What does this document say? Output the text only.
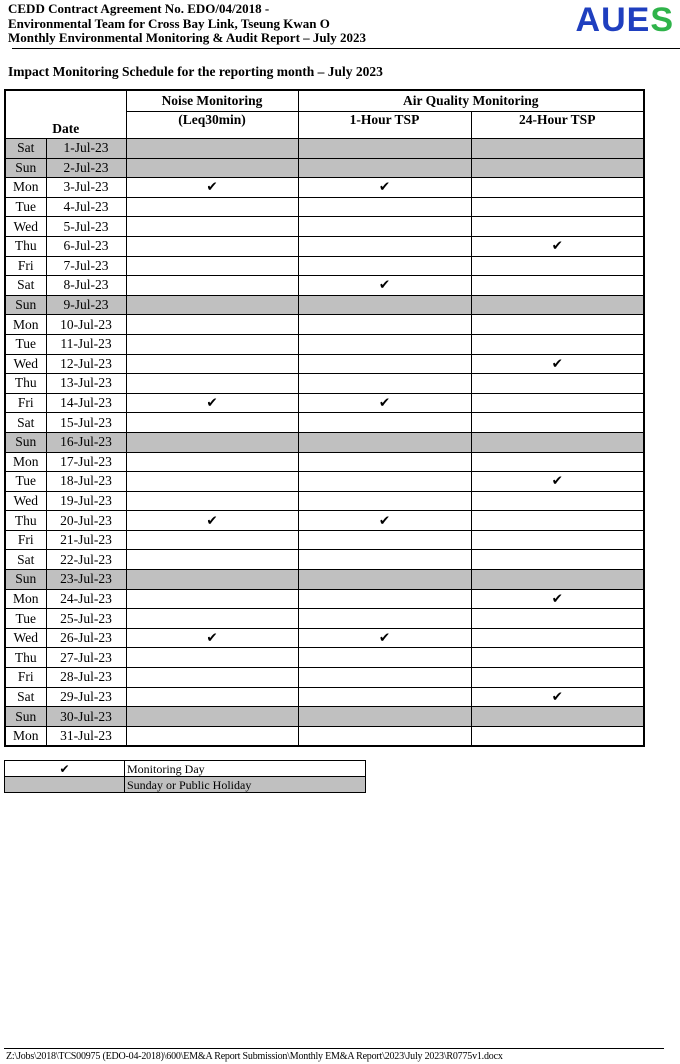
CEDD Contract Agreement No. EDO/04/2018 -
Environmental Team for Cross Bay Link, Tseung Kwan O
Monthly Environmental Monitoring & Audit Report – July 2023	AUES
Impact Monitoring Schedule for the reporting month – July 2023
Date		Noise Monitoring	Air Quality Monitoring	
		(Leq30min)	1-Hour TSP	24-Hour TSP
Sat	1-Jul-23			
Sun	2-Jul-23			
Mon	3-Jul-23	✔	✔	
Tue	4-Jul-23			
Wed	5-Jul-23			
Thu	6-Jul-23			✔
Fri	7-Jul-23			
Sat	8-Jul-23		✔	
Sun	9-Jul-23			
Mon	10-Jul-23			
Tue	11-Jul-23			
Wed	12-Jul-23			✔
Thu	13-Jul-23			
Fri	14-Jul-23	✔	✔	
Sat	15-Jul-23			
Sun	16-Jul-23			
Mon	17-Jul-23			
Tue	18-Jul-23			✔
Wed	19-Jul-23			
Thu	20-Jul-23	✔	✔	
Fri	21-Jul-23			
Sat	22-Jul-23			
Sun	23-Jul-23			
Mon	24-Jul-23			✔
Tue	25-Jul-23			
Wed	26-Jul-23	✔	✔	
Thu	27-Jul-23			
Fri	28-Jul-23			
Sat	29-Jul-23			✔
Sun	30-Jul-23			
Mon	31-Jul-23			
✔	Monitoring Day
	Sunday or Public Holiday
Z:\Jobs\2018\TCS00975 (EDO-04-2018)\600\EM&A Report Submission\Monthly EM&A Report\2023\July 2023\R0775v1.docx
